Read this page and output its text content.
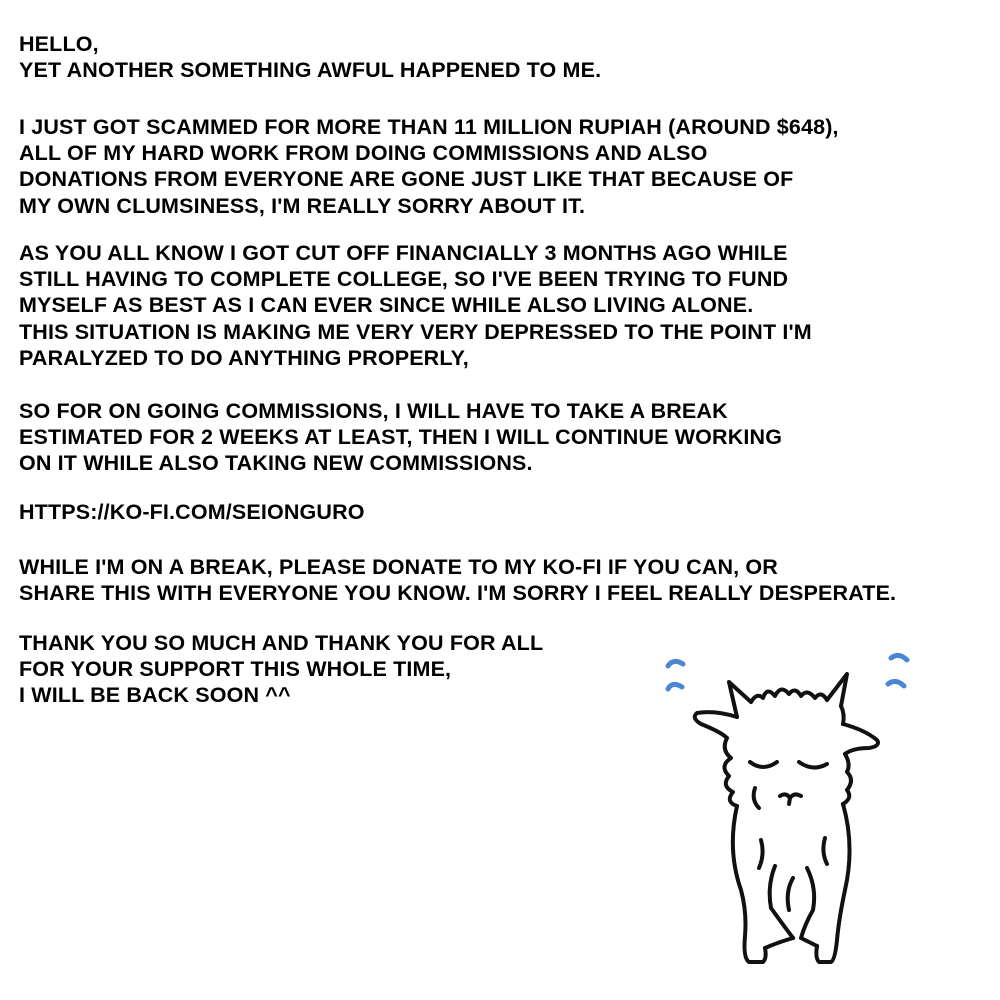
HELLO,
YET ANOTHER SOMETHING AWFUL HAPPENED TO ME.
I JUST GOT SCAMMED FOR MORE THAN 11 MILLION RUPIAH (AROUND $648),
ALL OF MY HARD WORK FROM DOING COMMISSIONS AND ALSO
DONATIONS FROM EVERYONE ARE GONE JUST LIKE THAT BECAUSE OF
MY OWN CLUMSINESS, I'M REALLY SORRY ABOUT IT.
AS YOU ALL KNOW I GOT CUT OFF FINANCIALLY 3 MONTHS AGO WHILE
STILL HAVING TO COMPLETE COLLEGE, SO I'VE BEEN TRYING TO FUND
MYSELF AS BEST AS I CAN EVER SINCE WHILE ALSO LIVING ALONE.
THIS SITUATION IS MAKING ME VERY VERY DEPRESSED TO THE POINT I'M
PARALYZED TO DO ANYTHING PROPERLY,
SO FOR ON GOING COMMISSIONS, I WILL HAVE TO TAKE A BREAK
ESTIMATED FOR 2 WEEKS AT LEAST, THEN I WILL CONTINUE WORKING
ON IT WHILE ALSO TAKING NEW COMMISSIONS.
HTTPS://KO-FI.COM/SEIONGURO
WHILE I'M ON A BREAK, PLEASE DONATE TO MY KO-FI IF YOU CAN, OR
SHARE THIS WITH EVERYONE YOU KNOW. I'M SORRY I FEEL REALLY DESPERATE.
THANK YOU SO MUCH AND THANK YOU FOR ALL
FOR YOUR SUPPORT THIS WHOLE TIME,
I WILL BE BACK SOON ^^
